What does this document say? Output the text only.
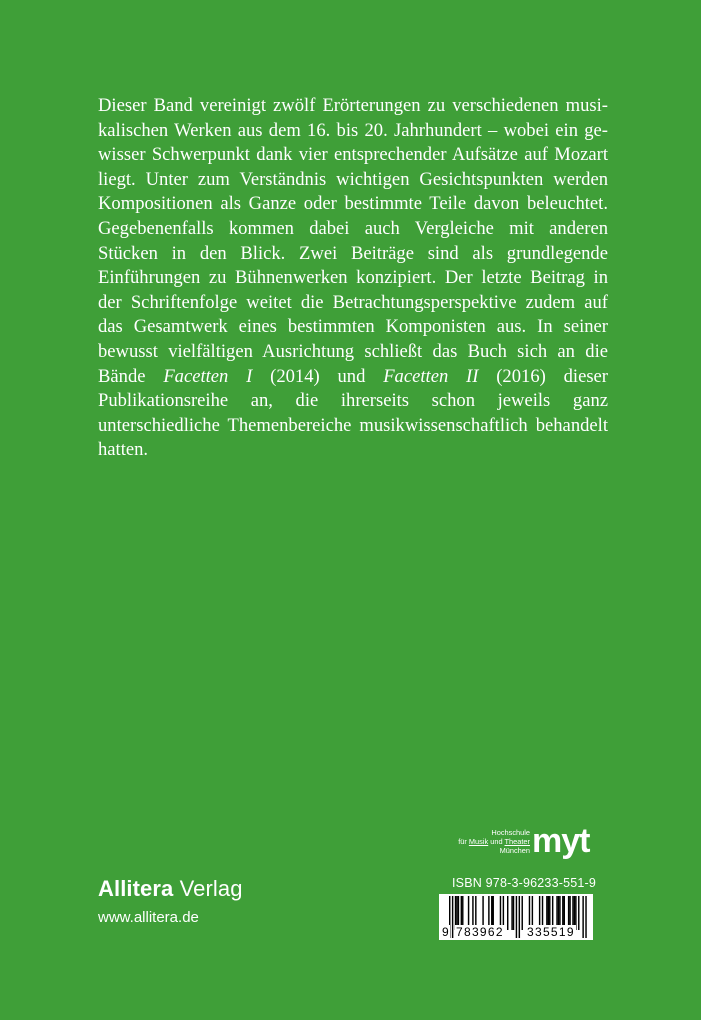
Dieser Band vereinigt zwölf Erörterungen zu verschiedenen musikalischen Werken aus dem 16. bis 20. Jahrhundert – wobei ein gewisser Schwerpunkt dank vier entsprechender Aufsätze auf Mozart liegt. Unter zum Verständnis wichtigen Gesichtspunkten werden Kompositionen als Ganze oder bestimmte Teile davon beleuchtet. Gegebenenfalls kommen dabei auch Vergleiche mit anderen Stücken in den Blick. Zwei Beiträge sind als grundlegende Einführungen zu Bühnenwerken konzipiert. Der letzte Beitrag in der Schriftenfolge weitet die Betrachtungsperspektive zudem auf das Gesamtwerk eines bestimmten Komponisten aus. In seiner bewusst vielfältigen Ausrichtung schließt das Buch sich an die Bände Facetten I (2014) und Facetten II (2016) dieser Publikationsreihe an, die ihrerseits schon jeweils ganz unterschiedliche Themenbereiche musikwissenschaftlich behandelt hatten.

Hochschule
für Musik und Theater
München myt
Allitera Verlag
www.allitera.de
ISBN 978-3-96233-551-9
9 783962 335519
